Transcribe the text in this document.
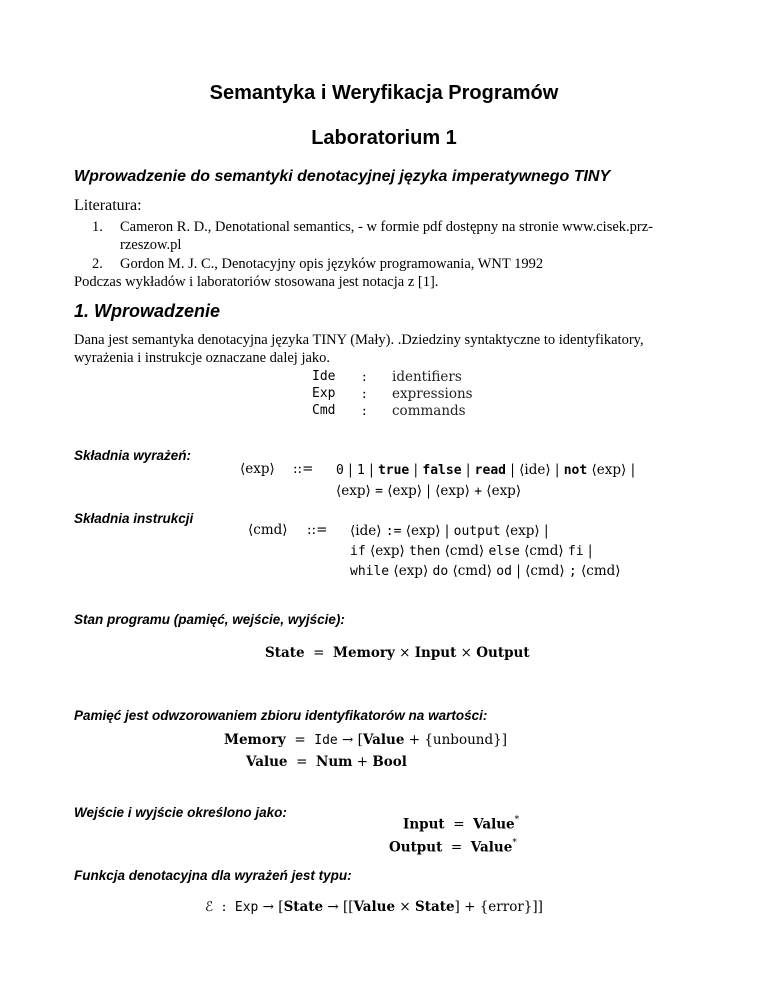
Semantyka i Weryfikacja Programów
Laboratorium 1
Wprowadzenie do semantyki denotacyjnej języka imperatywnego TINY
Literatura:
1. Cameron R. D., Denotational semantics, - w formie pdf dostępny na stronie www.cisek.prz-
rzeszow.pl
2. Gordon M. J. C., Denotacyjny opis języków programowania, WNT 1992
Podczas wykładów i laboratoriów stosowana jest notacja z [1].
1. Wprowadzenie
Dana jest semantyka denotacyjna języka TINY (Mały). .Dziedziny syntaktyczne to identyfikatory,
wyrażenia i instrukcje oznaczane dalej jako.
Ide : identifiers
Exp : expressions
Cmd : commands
Składnia wyrażeń:
⟨exp⟩ ::= 0 | 1 | true | false | read | ⟨ide⟩ | not ⟨exp⟩ |
⟨exp⟩ = ⟨exp⟩ | ⟨exp⟩ + ⟨exp⟩
Składnia instrukcji
⟨cmd⟩ ::= ⟨ide⟩ := ⟨exp⟩ | output ⟨exp⟩ |
if ⟨exp⟩ then ⟨cmd⟩ else ⟨cmd⟩ fi |
while ⟨exp⟩ do ⟨cmd⟩ od | ⟨cmd⟩ ; ⟨cmd⟩
Stan programu (pamięć, wejście, wyjście):
State  =  Memory × Input × Output
Pamięć jest odwzorowaniem zbioru identyfikatorów na wartości:
Memory  =  Ide → [Value + {unbound}]
Value  =  Num + Bool
Wejście i wyjście określono jako:
Input  =  Value*
Output  =  Value*
Funkcja denotacyjna dla wyrażeń jest typu:
ℰ  :  Exp → [State → [[Value × State] + {error}]]
